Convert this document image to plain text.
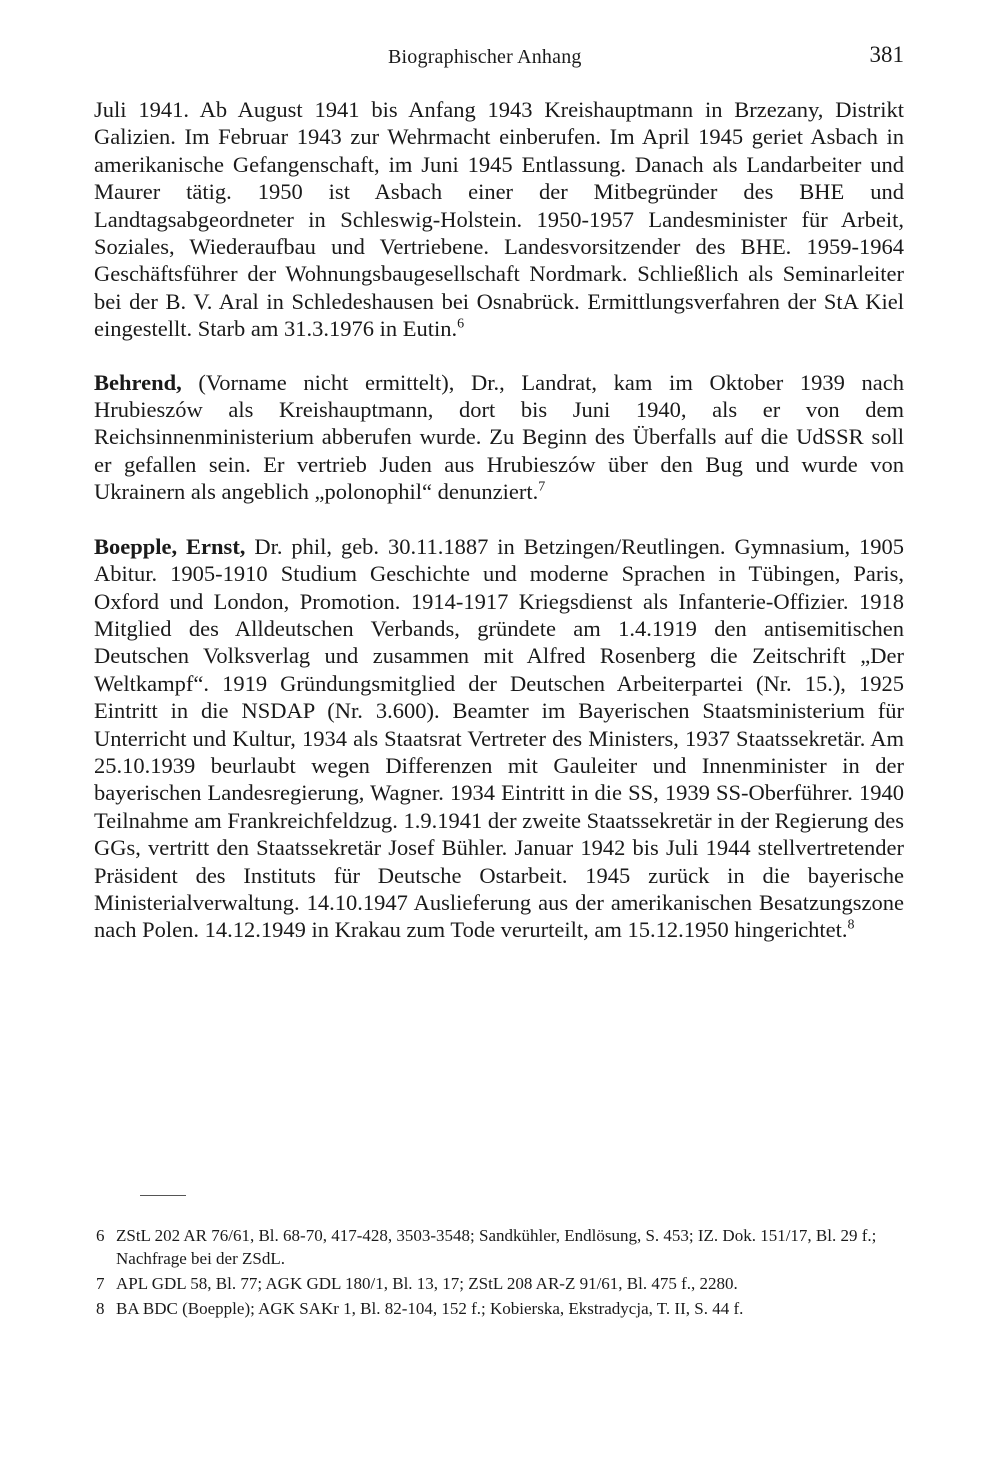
Biographischer Anhang	381

Juli 1941. Ab August 1941 bis Anfang 1943 Kreishauptmann in Brzezany, Distrikt Galizien. Im Februar 1943 zur Wehrmacht einberufen. Im April 1945 geriet Asbach in amerikanische Gefangenschaft, im Juni 1945 Entlassung. Danach als Landarbeiter und Maurer tätig. 1950 ist Asbach einer der Mitbegründer des BHE und Landtagsabgeordneter in Schleswig-Holstein. 1950-1957 Landesminister für Arbeit, Soziales, Wiederaufbau und Vertriebene. Landesvorsitzender des BHE. 1959-1964 Geschäftsführer der Wohnungsbaugesellschaft Nordmark. Schließlich als Seminarleiter bei der B. V. Aral in Schledeshausen bei Osnabrück. Ermittlungsverfahren der StA Kiel eingestellt. Starb am 31.3.1976 in Eutin.$^6$

Behrend, (Vorname nicht ermittelt), Dr., Landrat, kam im Oktober 1939 nach Hrubieszów als Kreishauptmann, dort bis Juni 1940, als er von dem Reichsinnenministerium abberufen wurde. Zu Beginn des Überfalls auf die UdSSR soll er gefallen sein. Er vertrieb Juden aus Hrubieszów über den Bug und wurde von Ukrainern als angeblich „polonophil“ denunziert.$^7$

Boepple, Ernst, Dr. phil, geb. 30.11.1887 in Betzingen/Reutlingen. Gymnasium, 1905 Abitur. 1905-1910 Studium Geschichte und moderne Sprachen in Tübingen, Paris, Oxford und London, Promotion. 1914-1917 Kriegsdienst als Infanterie-Offizier. 1918 Mitglied des Alldeutschen Verbands, gründete am 1.4.1919 den antisemitischen Deutschen Volksverlag und zusammen mit Alfred Rosenberg die Zeitschrift „Der Weltkampf“. 1919 Gründungsmitglied der Deutschen Arbeiterpartei (Nr. 15.), 1925 Eintritt in die NSDAP (Nr. 3.600). Beamter im Bayerischen Staatsministerium für Unterricht und Kultur, 1934 als Staatsrat Vertreter des Ministers, 1937 Staatssekretär. Am 25.10.1939 beurlaubt wegen Differenzen mit Gauleiter und Innenminister in der bayerischen Landesregierung, Wagner. 1934 Eintritt in die SS, 1939 SS-Oberführer. 1940 Teilnahme am Frankreichfeldzug. 1.9.1941 der zweite Staatssekretär in der Regierung des GGs, vertritt den Staatssekretär Josef Bühler. Januar 1942 bis Juli 1944 stellvertretender Präsident des Instituts für Deutsche Ostarbeit. 1945 zurück in die bayerische Ministerialverwaltung. 14.10.1947 Auslieferung aus der amerikanischen Besatzungszone nach Polen. 14.12.1949 in Krakau zum Tode verurteilt, am 15.12.1950 hingerichtet.$^8$

6 ZStL 202 AR 76/61, Bl. 68-70, 417-428, 3503-3548; Sandkühler, Endlösung, S. 453; IZ. Dok. 151/17, Bl. 29 f.; Nachfrage bei der ZSdL.
7 APL GDL 58, Bl. 77; AGK GDL 180/1, Bl. 13, 17; ZStL 208 AR-Z 91/61, Bl. 475 f., 2280.
8 BA BDC (Boepple); AGK SAKr 1, Bl. 82-104, 152 f.; Kobierska, Ekstradycja, T. II, S. 44 f.
